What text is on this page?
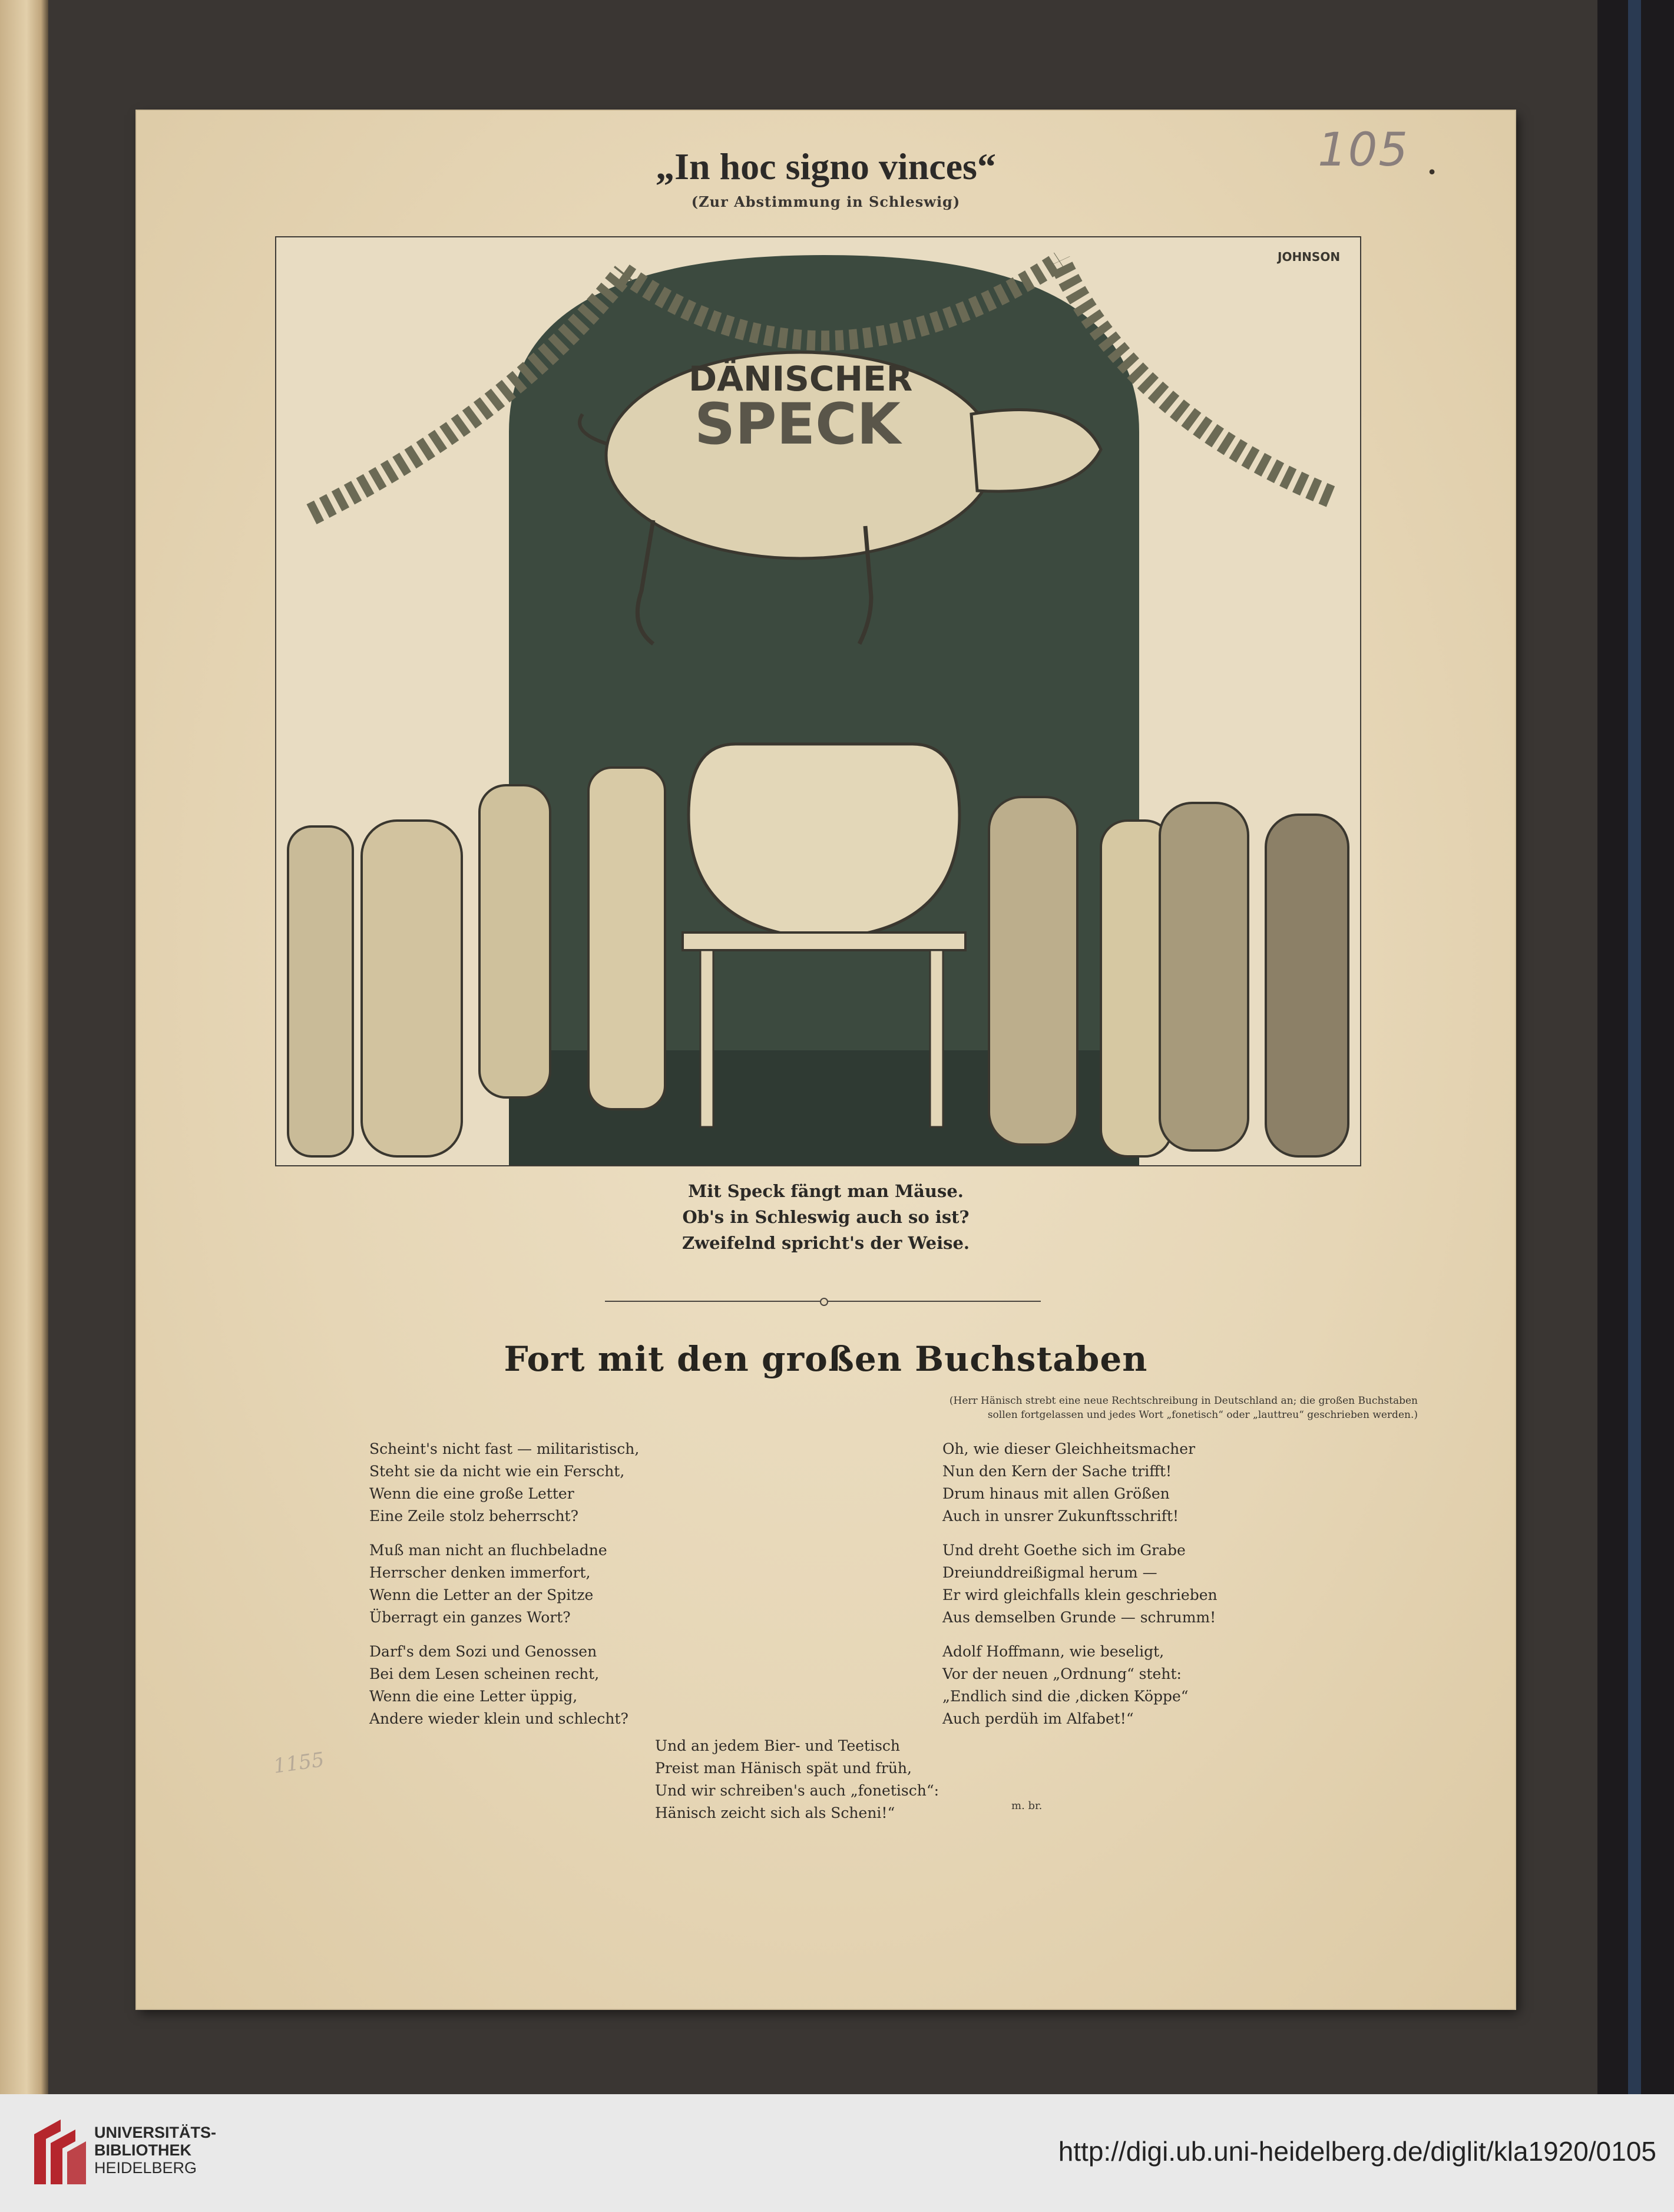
105 •
„In hoc signo vinces“
(Zur Abstimmung in Schleswig)
DÄNISCHER
SPECK
JOHNSON
Mit Speck fängt man Mäuse.
Ob's in Schleswig auch so ist?
Zweifelnd spricht's der Weise.
Fort mit den großen Buchstaben
(Herr Hänisch strebt eine neue Rechtschreibung in Deutschland an; die großen Buchstaben
sollen fortgelassen und jedes Wort „fonetisch“ oder „lauttreu“ geschrieben werden.)
Scheint's nicht fast — militaristisch,
Steht sie da nicht wie ein Ferscht,
Wenn die eine große Letter
Eine Zeile stolz beherrscht?
Muß man nicht an fluchbeladne
Herrscher denken immerfort,
Wenn die Letter an der Spitze
Überragt ein ganzes Wort?
Darf's dem Sozi und Genossen
Bei dem Lesen scheinen recht,
Wenn die eine Letter üppig,
Andere wieder klein und schlecht?
Oh, wie dieser Gleichheitsmacher
Nun den Kern der Sache trifft!
Drum hinaus mit allen Größen
Auch in unsrer Zukunftsschrift!
Und dreht Goethe sich im Grabe
Dreiunddreißigmal herum —
Er wird gleichfalls klein geschrieben
Aus demselben Grunde — schrumm!
Adolf Hoffmann, wie beseligt,
Vor der neuen „Ordnung“ steht:
„Endlich sind die ‚dicken Köppe“
Auch perdüh im Alfabet!“
Und an jedem Bier- und Teetisch
Preist man Hänisch spät und früh,
Und wir schreiben's auch „fonetisch“:
Hänisch zeicht sich als Scheni!“	m. br.
1155
UNIVERSITÄTS-
BIBLIOTHEK
HEIDELBERG
http://digi.ub.uni-heidelberg.de/diglit/kla1920/0105
